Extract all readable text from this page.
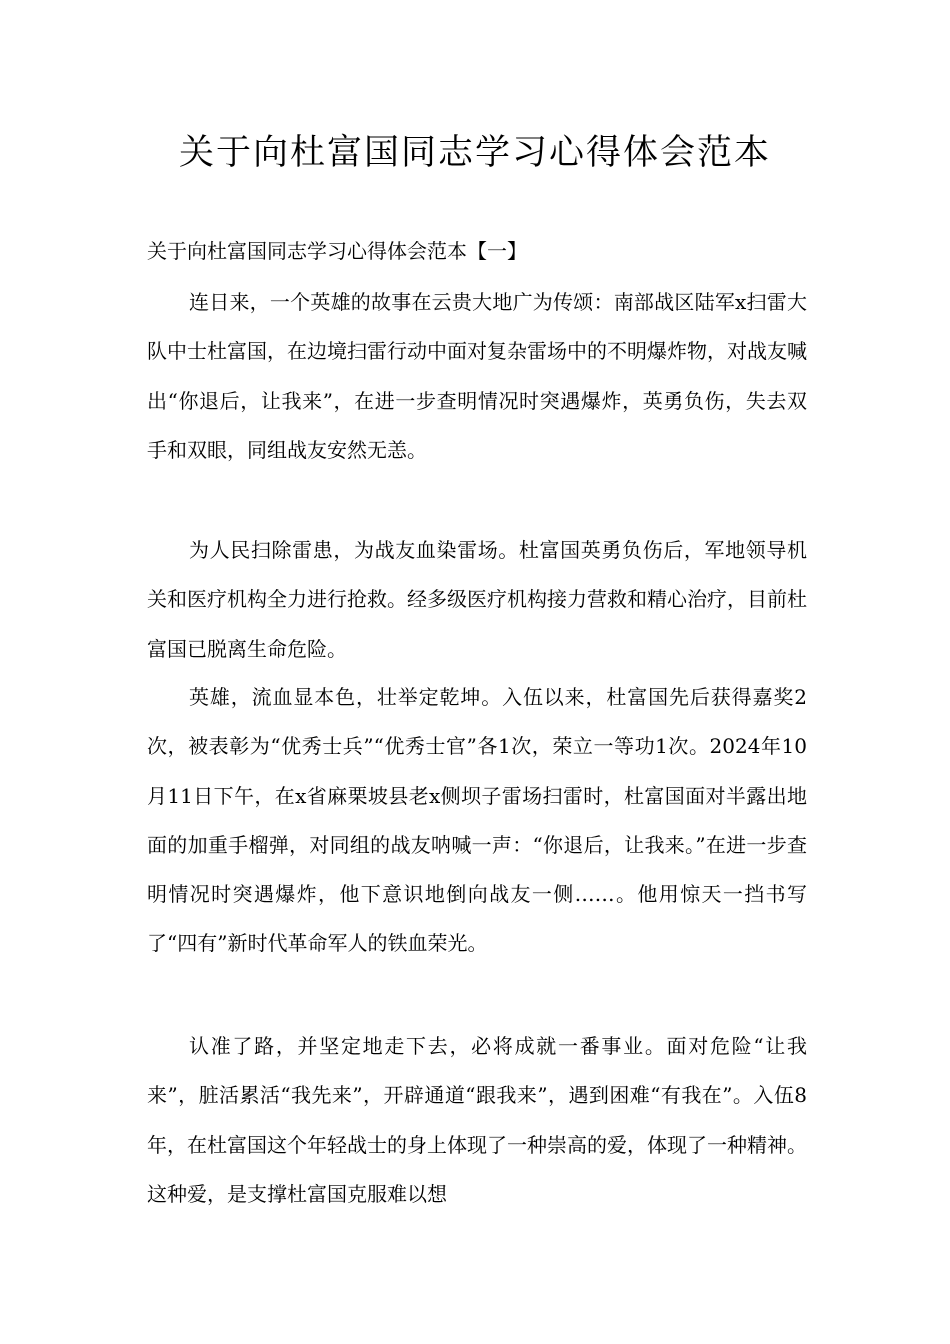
关于向杜富国同志学习心得体会范本

关于向杜富国同志学习心得体会范本【一】

连日来，一个英雄的故事在云贵大地广为传颂：南部战区陆军x扫雷大队中士杜富国，在边境扫雷行动中面对复杂雷场中的不明爆炸物，对战友喊出“你退后，让我来”，在进一步查明情况时突遇爆炸，英勇负伤，失去双手和双眼，同组战友安然无恙。

为人民扫除雷患，为战友血染雷场。杜富国英勇负伤后，军地领导机关和医疗机构全力进行抢救。经多级医疗机构接力营救和精心治疗，目前杜富国已脱离生命危险。

英雄，流血显本色，壮举定乾坤。入伍以来，杜富国先后获得嘉奖2次，被表彰为“优秀士兵”“优秀士官”各1次，荣立一等功1次。2024年10月11日下午，在x省麻栗坡县老x侧坝子雷场扫雷时，杜富国面对半露出地面的加重手榴弹，对同组的战友呐喊一声：“你退后，让我来。”在进一步查明情况时突遇爆炸，他下意识地倒向战友一侧……。他用惊天一挡书写了“四有”新时代革命军人的铁血荣光。

认准了路，并坚定地走下去，必将成就一番事业。面对危险“让我来”，脏活累活“我先来”，开辟通道“跟我来”，遇到困难“有我在”。入伍8年，在杜富国这个年轻战士的身上体现了一种崇高的爱，体现了一种精神。这种爱，是支撑杜富国克服难以想
